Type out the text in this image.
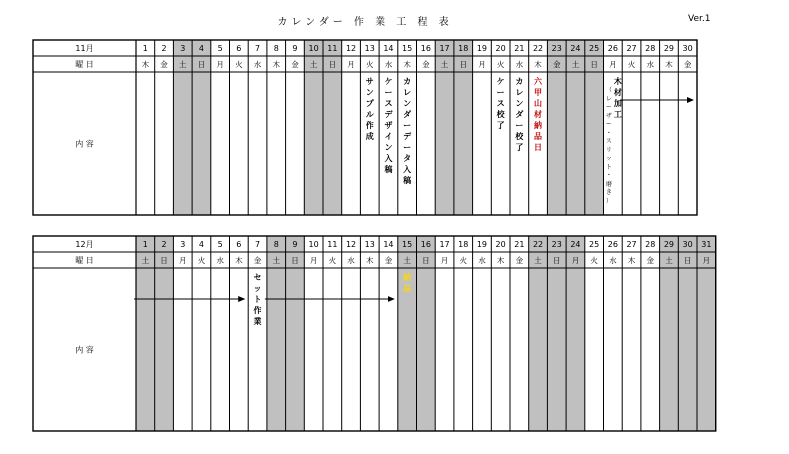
カレンダー 作 業 工 程 表	Ver.1
11月
曜 日
内 容
1
木
2
金
3
土
4
日
5
月
6
火
7
水
8
木
9
金
10
土
11
日
12
月
13
火
14
水
15
木
16
金
17
土
18
日
19
月
20
火
21
水
22
木
23
金
24
土
25
日
26
月
27
火
28
水
29
木
30
金
12月
曜 日
内 容
1
土
2
日
3
月
4
火
5
水
6
木
7
金
8
土
9
日
10
月
11
火
12
水
13
木
14
金
15
土
16
日
17
月
18
火
19
水
20
木
21
金
22
土
23
日
24
月
25
火
26
水
27
木
28
金
29
土
30
日
31
月
サ
ン
プ
ル
作
成
ケ
ー
ス
デ
ザ
イ
ン
入
稿
カ
レ
ン
ダ
ー
デ
ー
タ
入
稿
ケ
ー
ス
校
了
カ
レ
ン
ダ
ー
校
了
六
甲
山
材
納
品
日
木
材
加
工
（
レ
ー
ザ
ー
・
ス
リ
ッ
ト
・
磨
き
）
セ
ッ
ト
作
業
納
品
